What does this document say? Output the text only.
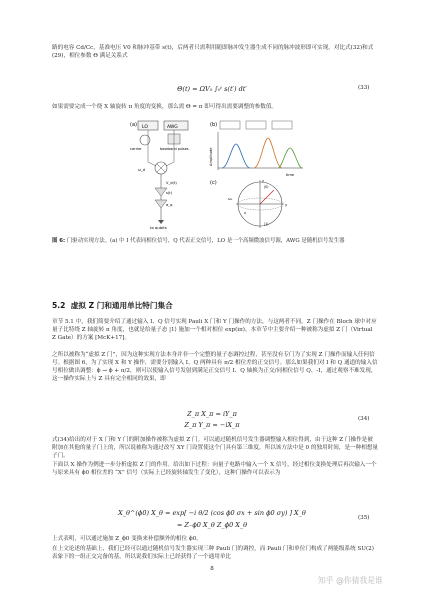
路的电容 Cd/Cc，基准电压 V0 和脉冲基带 s(t)，后两者只需利用随即脉冲发生器生成不同的脉冲波形即可实现。对比式(32)和式(29)，相位参数 Θ 满足关系式

Θ(t) = ΩV₀ ∫₀ᵗ s(t′) dt′	(33)

如果需要完成一个绕 X 轴旋转 π 角度的变换，那么需 Θ = π 即可得出需要调整的参数值。

(a) LO	AWG
carrier	baseband pulses
ω_d
V_d(t)
s(t)
σ_q
to qubits
(b)
Amplitude
time
(c)	z
y
x
|0⟩
|1⟩
ω₀
图 6: 门驱动实现方法。(a) 中 I 代表同相位信号，Q 代表正交信号，LO 是一个高频微波信号源，AWG 是随机信号发生器
5.2 虚拟 Z 门和通用单比特门集合

章节 5.1 中，我们简要介绍了通过输入 I、Q 信号实现 Pauli X 门和 Y 门操作的方法，与这两者不同，Z 门操作在 Bloch 球中对应量子比特绕 Z 轴旋转 π 角度，也就是给量子态 |1⟩ 施加一个相对相位 exp(iπ)。本章节中主要介绍一种被称为虚拟 Z 门（Virtual Z Gate）的方案 [McK+17]。

之所以被称为“虚拟 Z 门”，因为这种实现方法本身并非一个完整的量子态调控过程，甚至没有专门为了实现 Z 门操作而输入任何信号。根据图 6，为了实现 X 和 Y 操作，需要分别输入 I、Q 两种具有 π/2 相位差的正交信号。那么如果我们对 I 和 Q 通道的输入信号相位做出调整：ϕ → ϕ + π/2，则可以使输入信号发射到满足正交信号 I、Q 轴换为正交/同相位信号 Q、-I，通过观察不难发现，这一操作实际上与 Z 具有完全相同的效果，即

Z_π X_π = iY_π
(34)
Z_π Y_π = −iX_π

式(34)给出的对于 X 门和 Y 门的附加操作被称为虚拟 Z 门。可以通过随机信号发生器调整输入相位得到，由于这种 Z 门操作是被附加在其他的量子门上的，所以说被称为通过改写 XY 门设置使这个门具有第三维度，所以该方法中是 0 的独用时间，是一种相想量子门。

下面以 X 操作为例进一步分析虚拟 Z 门的作用。给出如下过程：向量子电路中输入一个 X 信号，经过相位变换处理后再次输入一个与原来具有 ϕ0 相位差的 “X” 信号（实际上已经旋转轴发生了变化），这种门操作可以表示为

X_θ^(ϕ0) X_θ = exp[ −i θ/2 (cos ϕ0 σx + sin ϕ0 σy) ] X_θ
(35)
= Z₋ϕ0 X_θ Z_ϕ0 X_θ

上式表明，可以通过施加 Z_ϕ0 变换来补偿额外的相位 ϕ0。

在上文论述的基础上，我们已经可以通过随机信号发生器实现三种 Pauli 门的调控，而 Pauli 门和单位门构成了两能级系统 SU(2) 表象下的一组正交完备的基，所以说我们实际上已经获得了一个通用单比

8
知乎 @你猜我是谁
